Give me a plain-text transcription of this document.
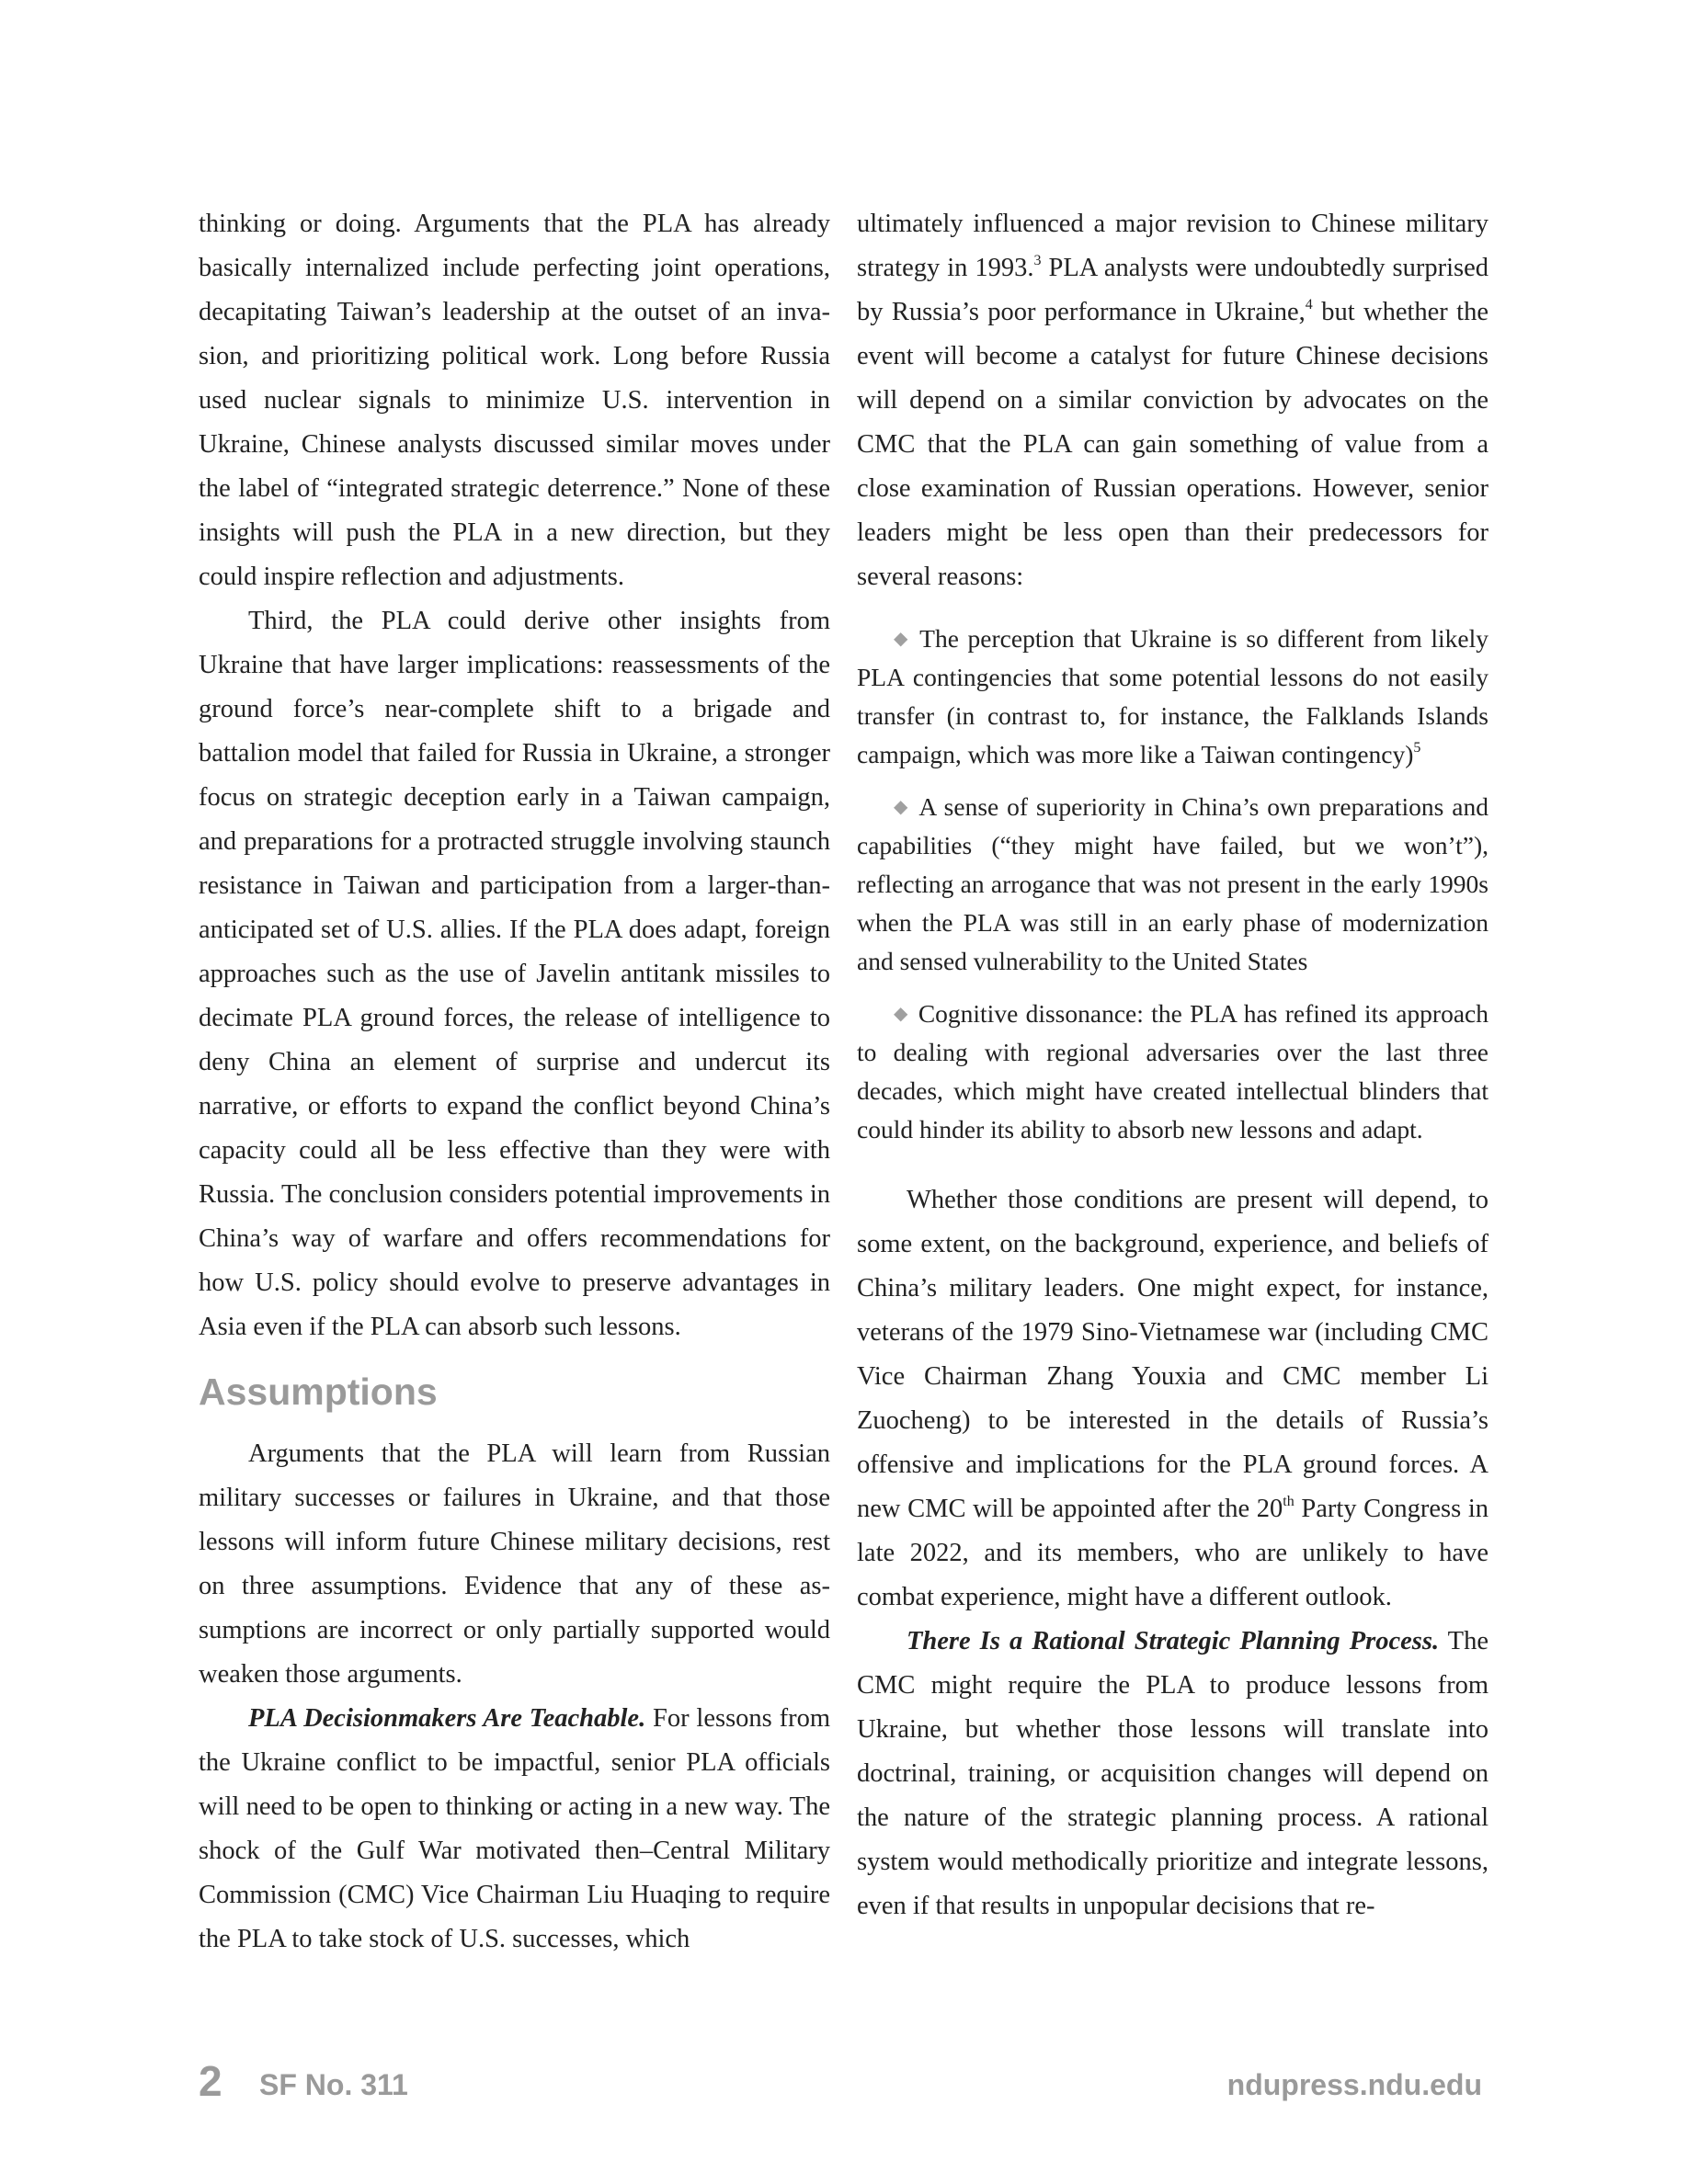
thinking or doing. Arguments that the PLA has already basically internalized include perfecting joint operations, decapitating Taiwan’s leadership at the outset of an invasion, and prioritizing political work. Long before Russia used nuclear signals to minimize U.S. intervention in Ukraine, Chinese analysts discussed similar moves under the label of “integrated strategic deterrence.” None of these insights will push the PLA in a new direction, but they could inspire reflection and adjustments.

Third, the PLA could derive other insights from Ukraine that have larger implications: reassessments of the ground force’s near-complete shift to a brigade and battalion model that failed for Russia in Ukraine, a stronger focus on strategic deception early in a Taiwan campaign, and preparations for a protracted struggle involving staunch resistance in Taiwan and participation from a larger-than-anticipated set of U.S. allies. If the PLA does adapt, foreign approaches such as the use of Javelin antitank missiles to decimate PLA ground forces, the release of intelligence to deny China an element of surprise and undercut its narrative, or efforts to expand the conflict beyond China’s capacity could all be less effective than they were with Russia. The conclusion considers potential improvements in China’s way of warfare and offers recommendations for how U.S. policy should evolve to preserve advantages in Asia even if the PLA can absorb such lessons.

Assumptions

Arguments that the PLA will learn from Russian military successes or failures in Ukraine, and that those lessons will inform future Chinese military decisions, rest on three assumptions. Evidence that any of these assumptions are incorrect or only partially supported would weaken those arguments.

PLA Decisionmakers Are Teachable. For lessons from the Ukraine conflict to be impactful, senior PLA officials will need to be open to thinking or acting in a new way. The shock of the Gulf War motivated then–Central Military Commission (CMC) Vice Chairman Liu Huaqing to require the PLA to take stock of U.S. successes, which

ultimately influenced a major revision to Chinese military strategy in 1993.$^3$ PLA analysts were undoubtedly surprised by Russia’s poor performance in Ukraine,$^4$ but whether the event will become a catalyst for future Chinese decisions will depend on a similar conviction by advocates on the CMC that the PLA can gain something of value from a close examination of Russian operations. However, senior leaders might be less open than their predecessors for several reasons:

◆ The perception that Ukraine is so different from likely PLA contingencies that some potential lessons do not easily transfer (in contrast to, for instance, the Falklands Islands campaign, which was more like a Taiwan contingency)$^5$
◆ A sense of superiority in China’s own preparations and capabilities (“they might have failed, but we won’t”), reflecting an arrogance that was not present in the early 1990s when the PLA was still in an early phase of modernization and sensed vulnerability to the United States
◆ Cognitive dissonance: the PLA has refined its approach to dealing with regional adversaries over the last three decades, which might have created intellectual blinders that could hinder its ability to absorb new lessons and adapt.

Whether those conditions are present will depend, to some extent, on the background, experience, and beliefs of China’s military leaders. One might expect, for instance, veterans of the 1979 Sino-Vietnamese war (including CMC Vice Chairman Zhang Youxia and CMC member Li Zuocheng) to be interested in the details of Russia’s offensive and implications for the PLA ground forces. A new CMC will be appointed after the 20th Party Congress in late 2022, and its members, who are unlikely to have combat experience, might have a different outlook.

There Is a Rational Strategic Planning Process. The CMC might require the PLA to produce lessons from Ukraine, but whether those lessons will translate into doctrinal, training, or acquisition changes will depend on the nature of the strategic planning process. A rational system would methodically prioritize and integrate lessons, even if that results in unpopular decisions that re-

2 SF No. 311	ndupress.ndu.edu
